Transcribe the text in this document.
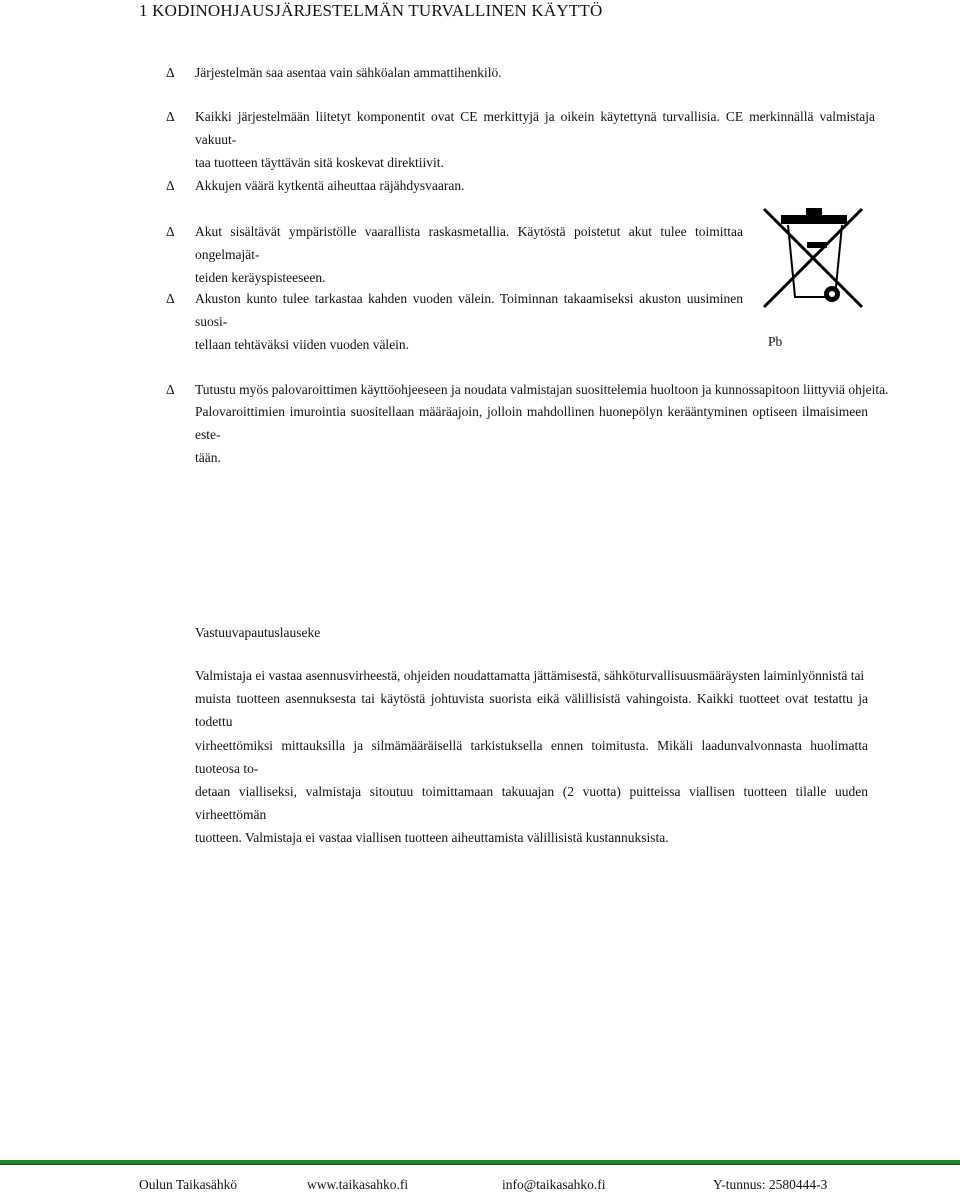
1 KODINOHJAUSJÄRJESTELMÄN TURVALLINEN KÄYTTÖ
Δ Järjestelmän saa asentaa vain sähköalan ammattihenkilö.
Δ Kaikki järjestelmään liitetyt komponentit ovat CE merkittyjä ja oikein käytettynä turvallisia. CE merkinnällä valmistaja vakuut-
taa tuotteen täyttävän sitä koskevat direktiivit.
Δ Akkujen väärä kytkentä aiheuttaa räjähdysvaaran.
Δ Akut sisältävät ympäristölle vaarallista raskasmetallia. Käytöstä poistetut akut tulee toimittaa ongelmajät-
teiden keräyspisteeseen.
Δ Akuston kunto tulee tarkastaa kahden vuoden välein. Toiminnan takaamiseksi akuston uusiminen suosi-
tellaan tehtäväksi viiden vuoden välein.	Pb
Δ Tutustu myös palovaroittimen käyttöohjeeseen ja noudata valmistajan suosittelemia huoltoon ja kunnossapitoon liittyviä ohjeita.
Palovaroittimien imurointia suositellaan määräajoin, jolloin mahdollinen huonepölyn kerääntyminen optiseen ilmaisimeen este-
tään.
Vastuuvapautuslauseke
Valmistaja ei vastaa asennusvirheestä, ohjeiden noudattamatta jättämisestä, sähköturvallisuusmääräysten laiminlyönnistä tai
muista tuotteen asennuksesta tai käytöstä johtuvista suorista eikä välillisistä vahingoista. Kaikki tuotteet ovat testattu ja todettu
virheettömiksi mittauksilla ja silmämääräisellä tarkistuksella ennen toimitusta. Mikäli laadunvalvonnasta huolimatta tuoteosa to-
detaan vialliseksi, valmistaja sitoutuu toimittamaan takuuajan (2 vuotta) puitteissa viallisen tuotteen tilalle uuden virheettömän
tuotteen. Valmistaja ei vastaa viallisen tuotteen aiheuttamista välillisistä kustannuksista.
Oulun Taikasähkö	www.taikasahko.fi	info@taikasahko.fi	Y-tunnus: 2580444-3
